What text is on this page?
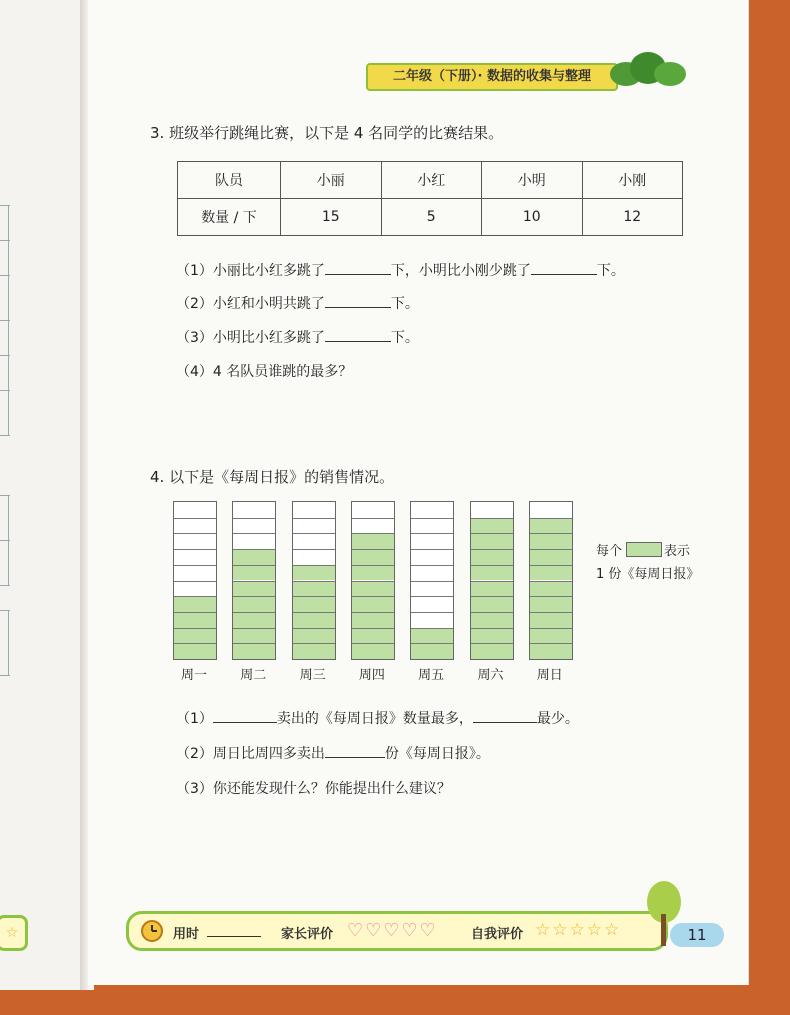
☆
二年级（下册）· 数据的收集与整理
3. 班级举行跳绳比赛，以下是 4 名同学的比赛结果。
队员	小丽	小红	小明	小刚
数量 / 下	15	5	10	12
（1）小丽比小红多跳了	下，小明比小刚少跳了	下。
（2）小红和小明共跳了	下。
（3）小明比小红多跳了	下。
（4）4 名队员谁跳的最多？
4. 以下是《每周日报》的销售情况。
周一	周二	周三	周四	周五	周六	周日
每个	表示
1 份《每周日报》
（1）	卖出的《每周日报》数量最多，	最少。
（2）周日比周四多卖出	份《每周日报》。
（3）你还能发现什么？你能提出什么建议？
用时	家长评价 ♡♡♡♡♡	自我评价 ☆☆☆☆☆	11
